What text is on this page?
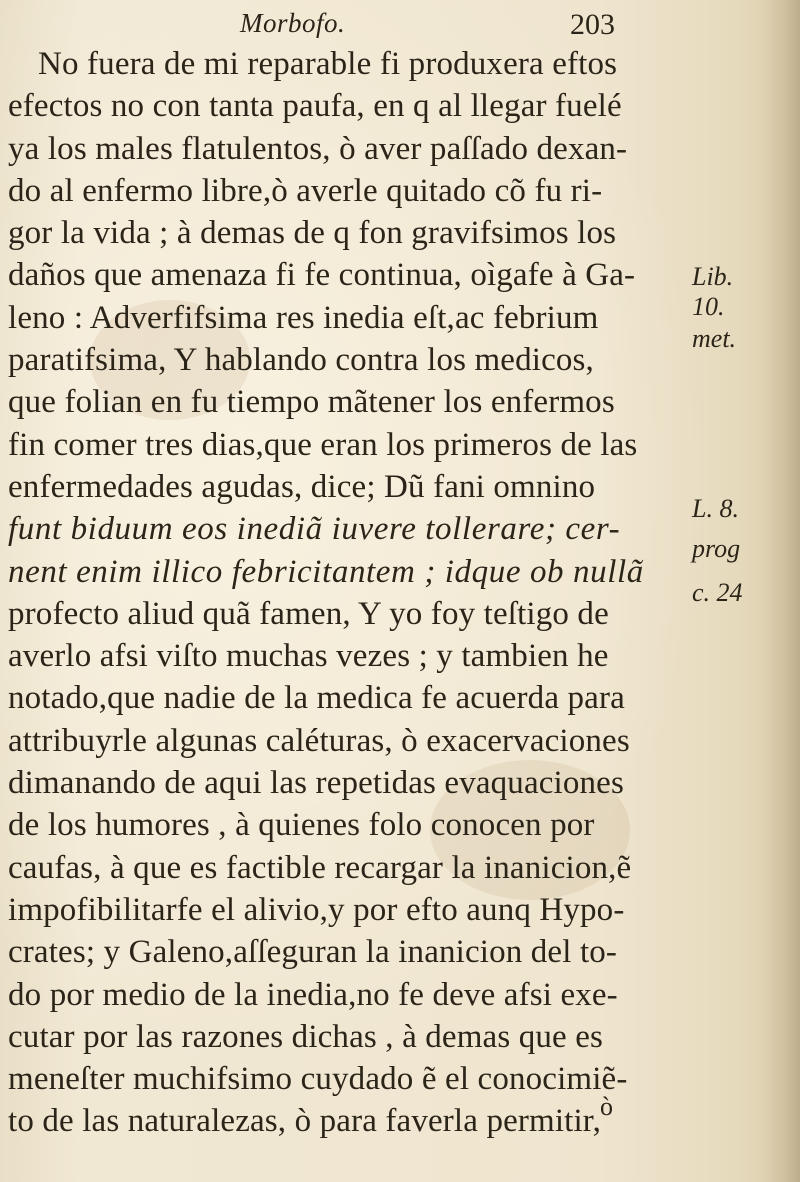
Morbofo.	203
No fuera de mi reparable fi produxera eftos
efectos no con tanta paufa, en q al llegar fuelé
ya los males flatulentos, ò aver paſſado dexan-
do al enfermo libre,ò averle quitado cõ fu ri-
gor la vida ; à demas de q fon gravifsimos los
daños que amenaza fi fe continua, oìgafe à Ga-
leno : Adverfifsima res inedia eſt,ac febrium
paratifsima, Y hablando contra los medicos,
que folian en fu tiempo mãtener los enfermos
fin comer tres dias,que eran los primeros de las
enfermedades agudas, dice; Dũ fani omnino
funt biduum eos inediã iuvere tollerare; cer-
nent enim illico febricitantem ; idque ob nullã
profecto aliud quã famen, Y yo foy teſtigo de
averlo afsi viſto muchas vezes ; y tambien he
notado,que nadie de la medica fe acuerda para
attribuyrle algunas caléturas, ò exacervaciones
dimanando de aqui las repetidas evaquaciones
de los humores , à quienes folo conocen por
caufas, à que es factible recargar la inanicion,ẽ
impofibilitarfe el alivio,y por efto aunq Hypo-
crates; y Galeno,aſſeguran la inanicion del to-
do por medio de la inedia,no fe deve afsi exe-
cutar por las razones dichas , à demas que es
meneſter muchifsimo cuydado ẽ el conocimiẽ-
to de las naturalezas, ò para faverla permitir,
Lib.
10.
met.
L. 8.
prog
c. 24
ò
